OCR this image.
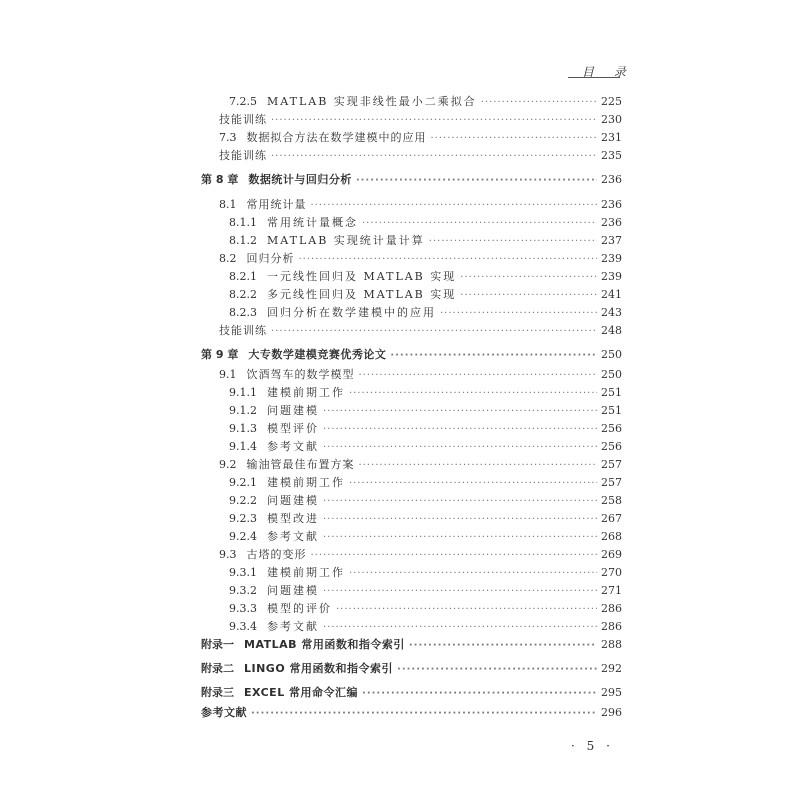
目 录
7.2.5 MATLAB 实现非线性最小二乘拟合 ·····	225
技能训练 ·····	230
7.3 数据拟合方法在数学建模中的应用 ·····	231
技能训练 ·····	235
第 8 章 数据统计与回归分析 ·····	236
8.1 常用统计量 ·····	236
8.1.1 常用统计量概念 ·····	236
8.1.2 MATLAB 实现统计量计算 ·····	237
8.2 回归分析 ·····	239
8.2.1 一元线性回归及 MATLAB 实现 ·····	239
8.2.2 多元线性回归及 MATLAB 实现 ·····	241
8.2.3 回归分析在数学建模中的应用 ·····	243
技能训练 ·····	248
第 9 章 大专数学建模竞赛优秀论文 ·····	250
9.1 饮酒驾车的数学模型 ·····	250
9.1.1 建模前期工作 ·····	251
9.1.2 问题建模 ·····	251
9.1.3 模型评价 ·····	256
9.1.4 参考文献 ·····	256
9.2 输油管最佳布置方案 ·····	257
9.2.1 建模前期工作 ·····	257
9.2.2 问题建模 ·····	258
9.2.3 模型改进 ·····	267
9.2.4 参考文献 ·····	268
9.3 古塔的变形 ·····	269
9.3.1 建模前期工作 ·····	270
9.3.2 问题建模 ·····	271
9.3.3 模型的评价 ·····	286
9.3.4 参考文献 ·····	286
附录一 MATLAB 常用函数和指令索引 ·····	288
附录二 LINGO 常用函数和指令索引 ·····	292
附录三 EXCEL 常用命令汇编 ·····	295
参考文献 ·····	296
· 5 ·
